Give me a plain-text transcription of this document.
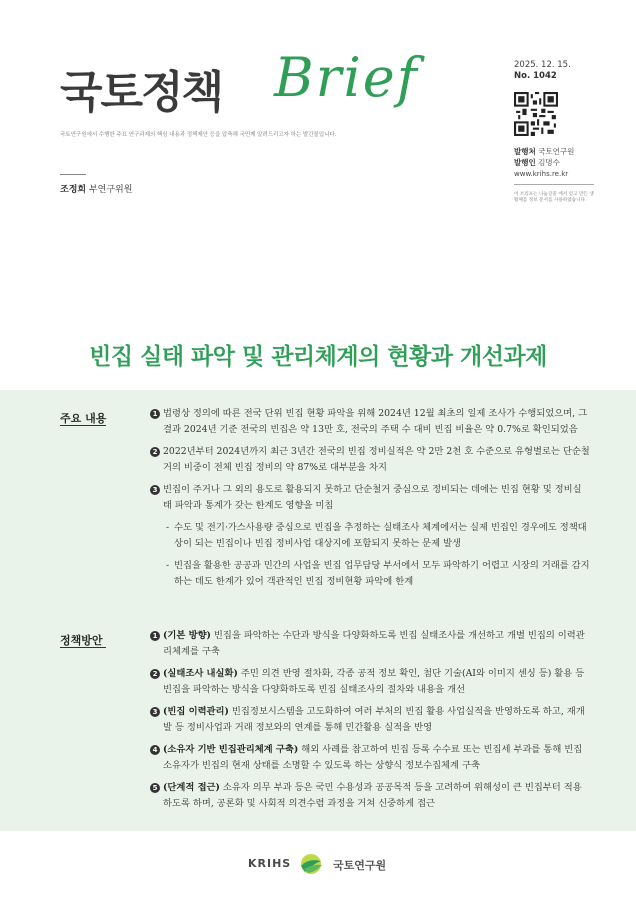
국토정책 Brief
국토연구원에서 수행한 주요 연구과제의 핵심 내용과 정책제안 등을 압축해 국민께 알려드리고자 하는 발간물입니다.
조정희 부연구위원
2025. 12. 15.
No. 1042
발행처 국토연구원
발행인 김명수
www.krihs.re.kr
이 브리프는 나눔글꼴 에서 얻고 만든 생활체를 정보 문서를 사용하였습니다.
빈집 실태 파악 및 관리체계의 현황과 개선과제
주요 내용	1 법령상 정의에 따른 전국 단위 빈집 현황 파악을 위해 2024년 12월 최초의 일제 조사가 수행되었으며, 그 결과 2024년 기준 전국의 빈집은 약 13만 호, 전국의 주택 수 대비 빈집 비율은 약 0.7%로 확인되었음
2 2022년부터 2024년까지 최근 3년간 전국의 빈집 정비실적은 약 2만 2천 호 수준으로 유형별로는 단순철거의 비중이 전체 빈집 정비의 약 87%로 대부분을 차지
3 빈집이 주거나 그 외의 용도로 활용되지 못하고 단순철거 중심으로 정비되는 데에는 빈집 현황 및 정비실태 파악과 통계가 갖는 한계도 영향을 미침
- 수도 및 전기·가스사용량 중심으로 빈집을 추정하는 실태조사 체계에서는 실제 빈집인 경우에도 정책대상이 되는 빈집이나 빈집 정비사업 대상지에 포함되지 못하는 문제 발생
- 빈집을 활용한 공공과 민간의 사업을 빈집 업무담당 부서에서 모두 파악하기 어렵고 시장의 거래를 감지하는 데도 한계가 있어 객관적인 빈집 정비현황 파악에 한계
정책방안	1 (기본 방향) 빈집을 파악하는 수단과 방식을 다양화하도록 빈집 실태조사를 개선하고 개별 빈집의 이력관리체계를 구축
2 (실태조사 내실화) 주민 의견 반영 절차화, 각종 공적 정보 확인, 첨단 기술(AI와 이미지 센싱 등) 활용 등 빈집을 파악하는 방식을 다양화하도록 빈집 실태조사의 절차와 내용을 개선
3 (빈집 이력관리) 빈집정보시스템을 고도화하여 여러 부처의 빈집 활용 사업실적을 반영하도록 하고, 재개발 등 정비사업과 거래 정보와의 연계를 통해 민간활용 실적을 반영
4 (소유자 기반 빈집관리체계 구축) 해외 사례를 참고하여 빈집 등록 수수료 또는 빈집세 부과를 통해 빈집 소유자가 빈집의 현재 상태를 소명할 수 있도록 하는 상향식 정보수집체계 구축
5 (단계적 접근) 소유자 의무 부과 등은 국민 수용성과 공공목적 등을 고려하여 위해성이 큰 빈집부터 적용하도록 하며, 공론화 및 사회적 의견수렴 과정을 거쳐 신중하게 접근
KRIHS	국토연구원
